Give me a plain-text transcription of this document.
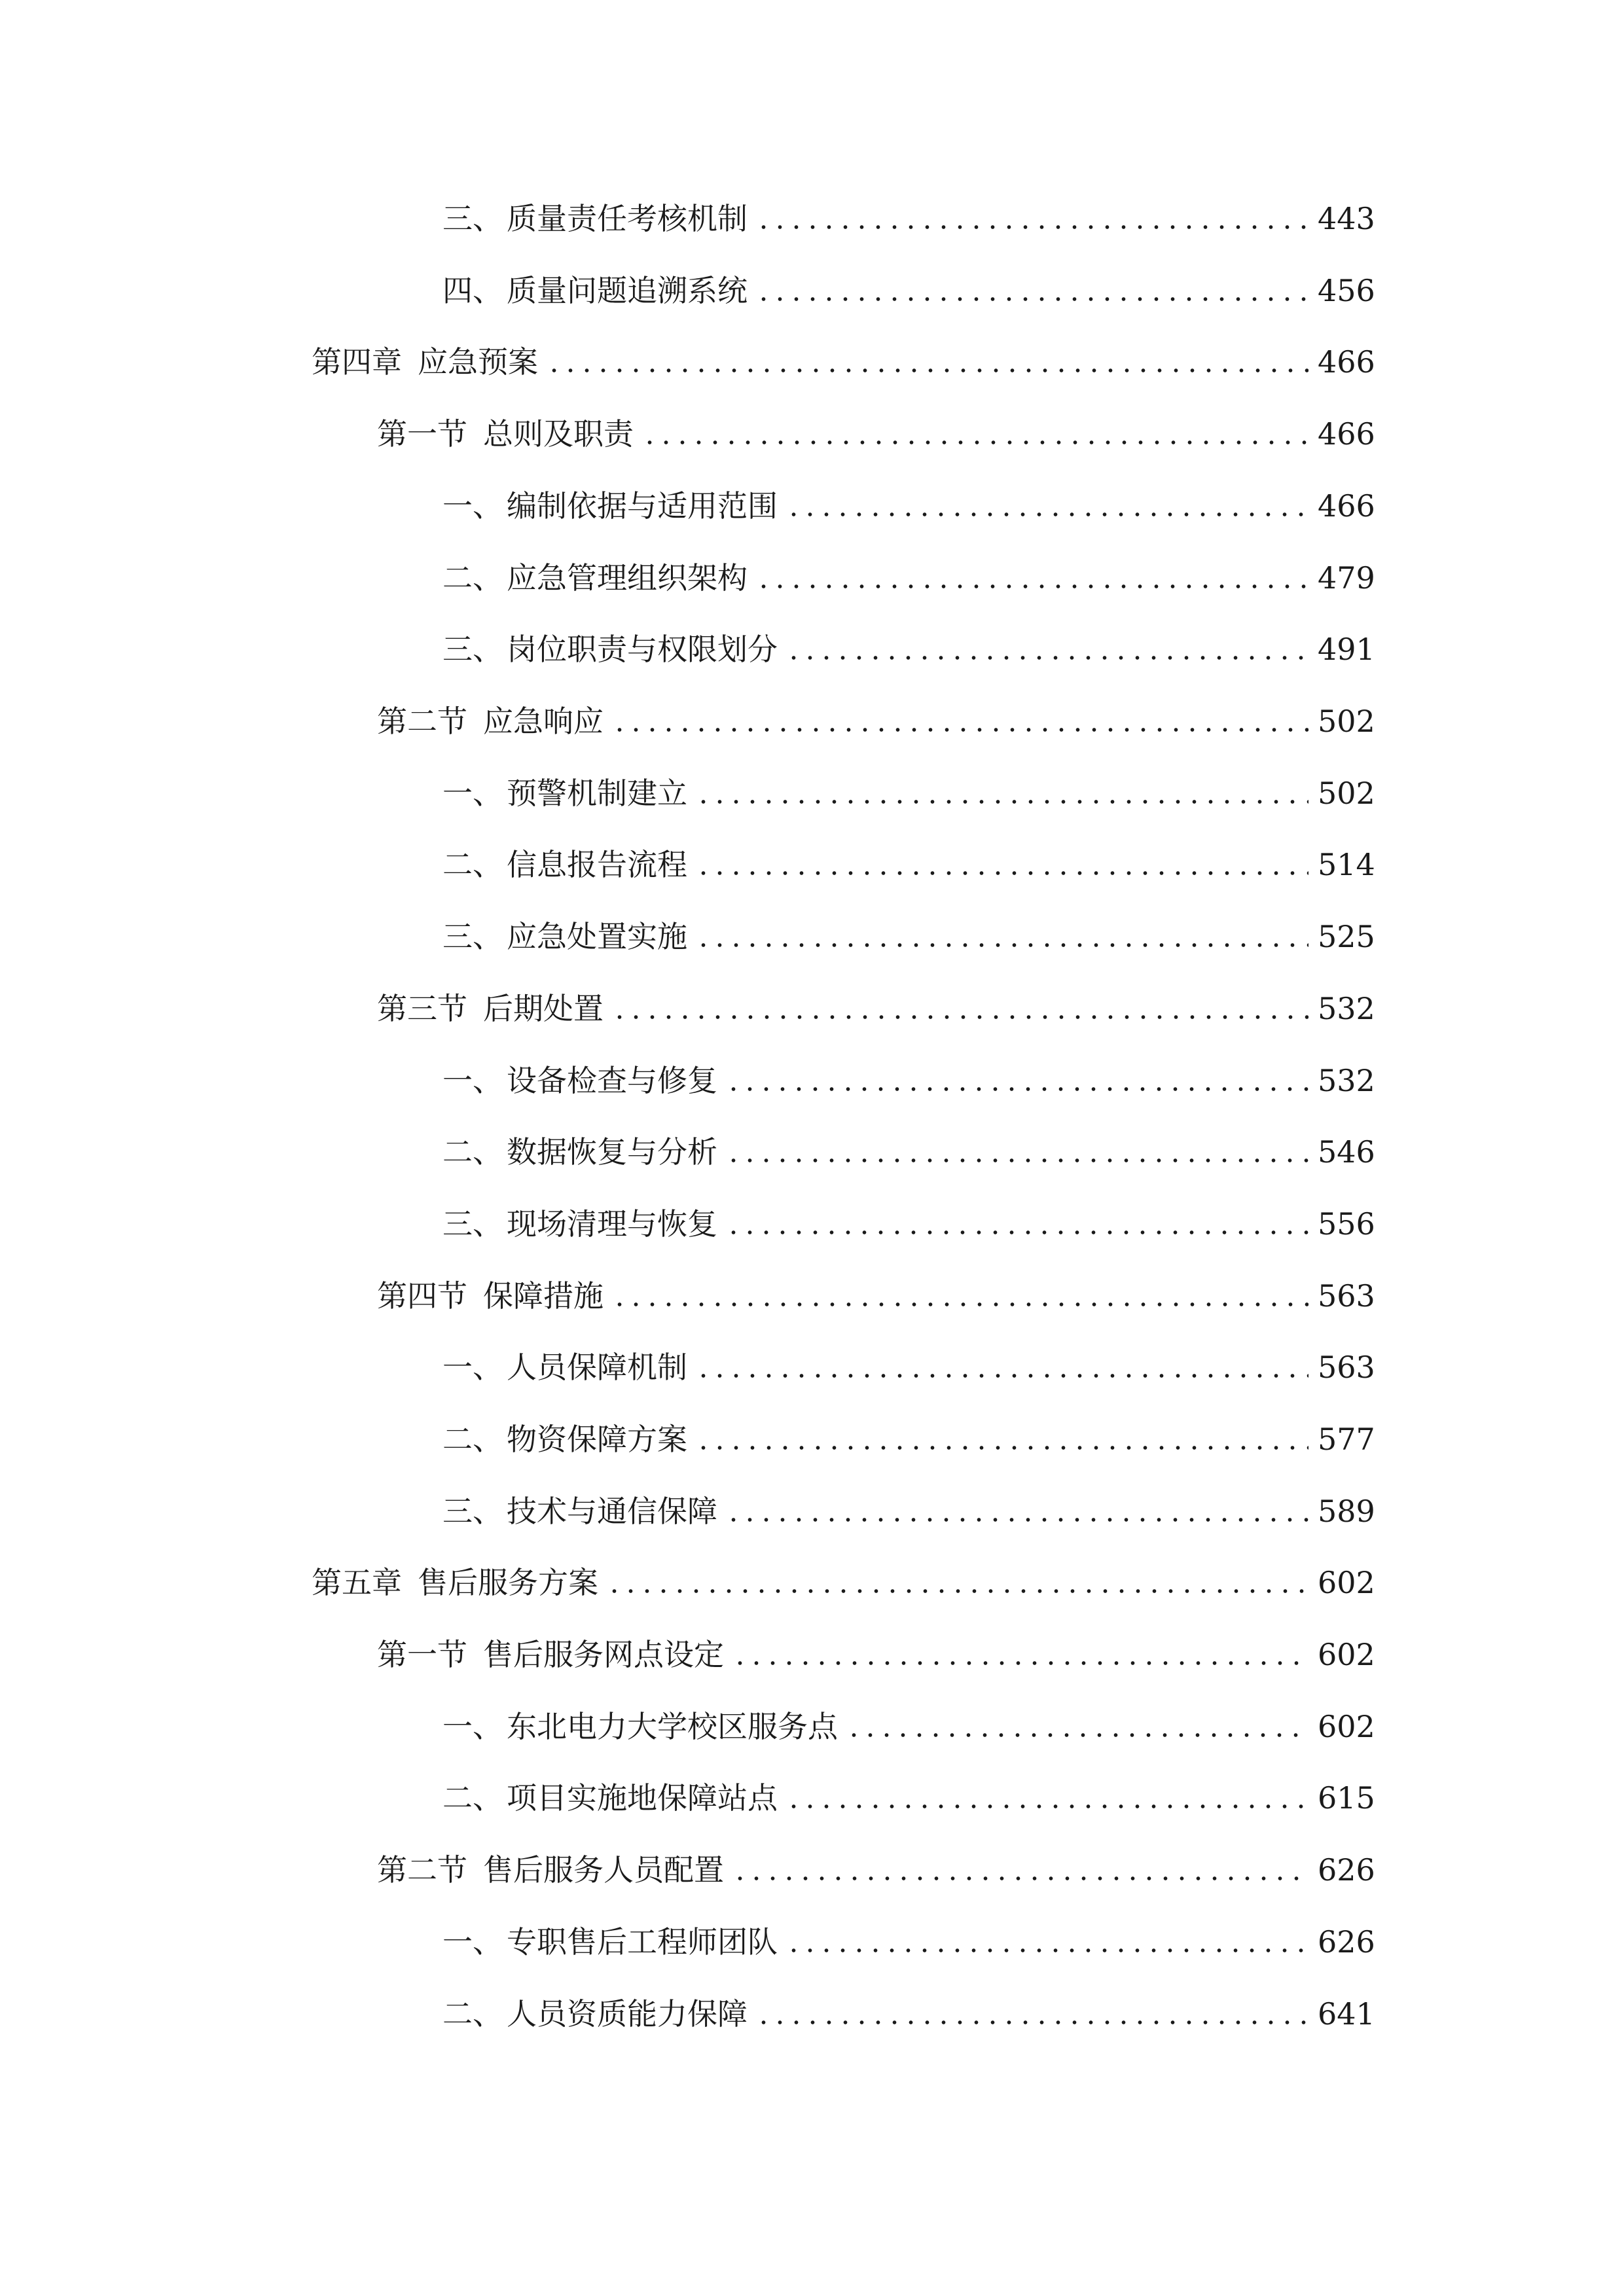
三、 质量责任考核机制	443
四、 质量问题追溯系统	456
第四章 应急预案	466
第一节 总则及职责	466
一、 编制依据与适用范围	466
二、 应急管理组织架构	479
三、 岗位职责与权限划分	491
第二节 应急响应	502
一、 预警机制建立	502
二、 信息报告流程	514
三、 应急处置实施	525
第三节 后期处置	532
一、 设备检查与修复	532
二、 数据恢复与分析	546
三、 现场清理与恢复	556
第四节 保障措施	563
一、 人员保障机制	563
二、 物资保障方案	577
三、 技术与通信保障	589
第五章 售后服务方案	602
第一节 售后服务网点设定	602
一、 东北电力大学校区服务点	602
二、 项目实施地保障站点	615
第二节 售后服务人员配置	626
一、 专职售后工程师团队	626
二、 人员资质能力保障	641
